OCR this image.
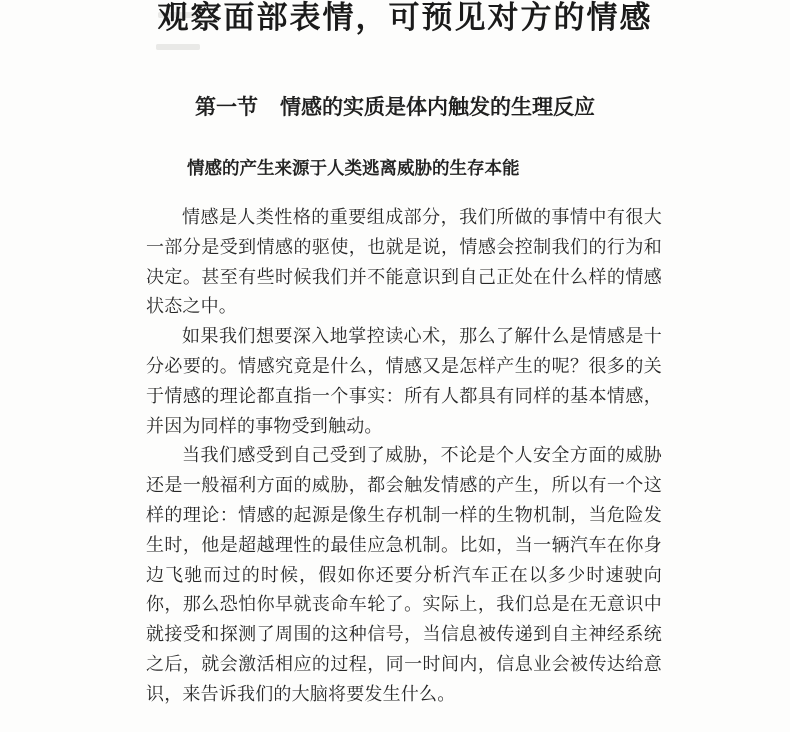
观察面部表情，可预见对方的情感
第一节 情感的实质是体内触发的生理反应
情感的产生来源于人类逃离威胁的生存本能

情感是人类性格的重要组成部分，我们所做的事情中有很大一部分是受到情感的驱使，也就是说，情感会控制我们的行为和决定。甚至有些时候我们并不能意识到自己正处在什么样的情感状态之中。

如果我们想要深入地掌控读心术，那么了解什么是情感是十分必要的。情感究竟是什么，情感又是怎样产生的呢？很多的关于情感的理论都直指一个事实：所有人都具有同样的基本情感，并因为同样的事物受到触动。

当我们感受到自己受到了威胁，不论是个人安全方面的威胁还是一般福利方面的威胁，都会触发情感的产生，所以有一个这样的理论：情感的起源是像生存机制一样的生物机制，当危险发生时，他是超越理性的最佳应急机制。比如，当一辆汽车在你身边飞驰而过的时候，假如你还要分析汽车正在以多少时速驶向你，那么恐怕你早就丧命车轮了。实际上，我们总是在无意识中就接受和探测了周围的这种信号，当信息被传递到自主神经系统之后，就会激活相应的过程，同一时间内，信息业会被传达给意识，来告诉我们的大脑将要发生什么。
